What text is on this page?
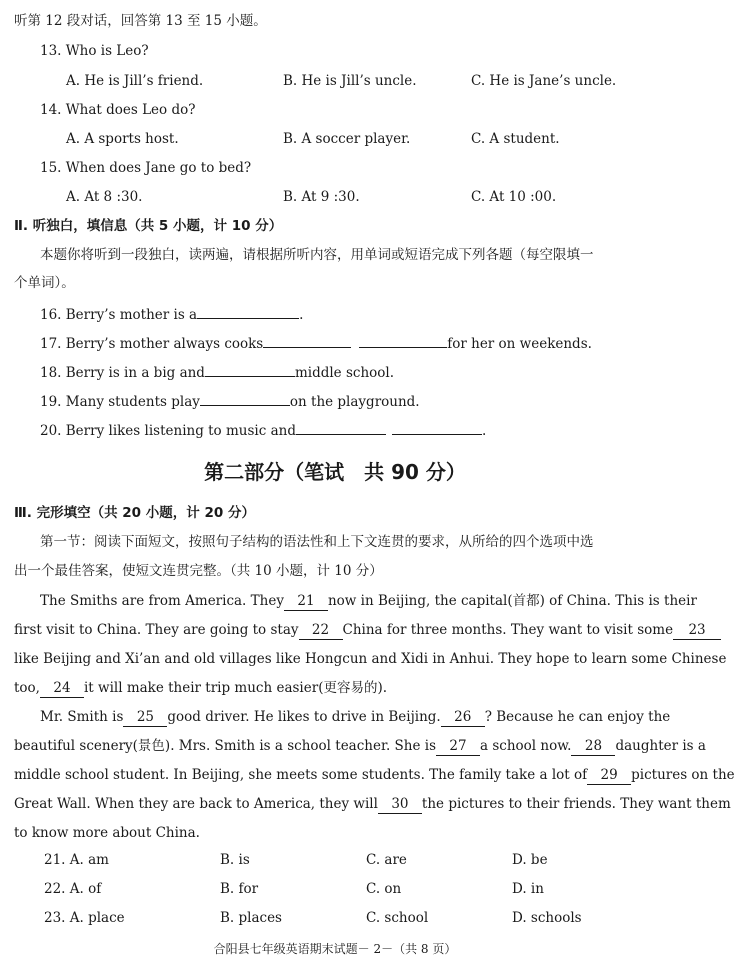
听第 12 段对话，回答第 13 至 15 小题。
13. Who is Leo?
A. He is Jill’s friend.	B. He is Jill’s uncle.	C. He is Jane’s uncle.
14. What does Leo do?
A. A sports host.	B. A soccer player.	C. A student.
15. When does Jane go to bed?
A. At 8 :30.	B. At 9 :30.	C. At 10 :00.
Ⅱ. 听独白，填信息（共 5 小题，计 10 分）
本题你将听到一段独白，读两遍，请根据所听内容，用单词或短语完成下列各题（每空限填一
个单词）。
16. Berry’s mother is a	.
17. Berry’s mother always cooks	for her on weekends.
18. Berry is in a big and	middle school.
19. Many students play	on the playground.
20. Berry likes listening to music and	.
第二部分（笔试　共 90 分）
Ⅲ. 完形填空（共 20 小题，计 20 分）
第一节：阅读下面短文，按照句子结构的语法性和上下文连贯的要求，从所给的四个选项中选
出一个最佳答案，使短文连贯完整。（共 10 小题，计 10 分）
The Smiths are from America. They 21 now in Beijing, the capital(首都) of China. This is their
first visit to China. They are going to stay 22 China for three months. They want to visit some 23
like Beijing and Xi’an and old villages like Hongcun and Xidi in Anhui. They hope to learn some Chinese
too, 24 it will make their trip much easier(更容易的).
Mr. Smith is 25 good driver. He likes to drive in Beijing. 26 ? Because he can enjoy the
beautiful scenery(景色). Mrs. Smith is a school teacher. She is 27 a school now. 28 daughter is a
middle school student. In Beijing, she meets some students. The family take a lot of 29 pictures on the
Great Wall. When they are back to America, they will 30 the pictures to their friends. They want them
to know more about China.
21. A. am	B. is	C. are	D. be
22. A. of	B. for	C. on	D. in
23. A. place	B. places	C. school	D. schools
合阳县七年级英语期末试题－ 2－（共 8 页）
